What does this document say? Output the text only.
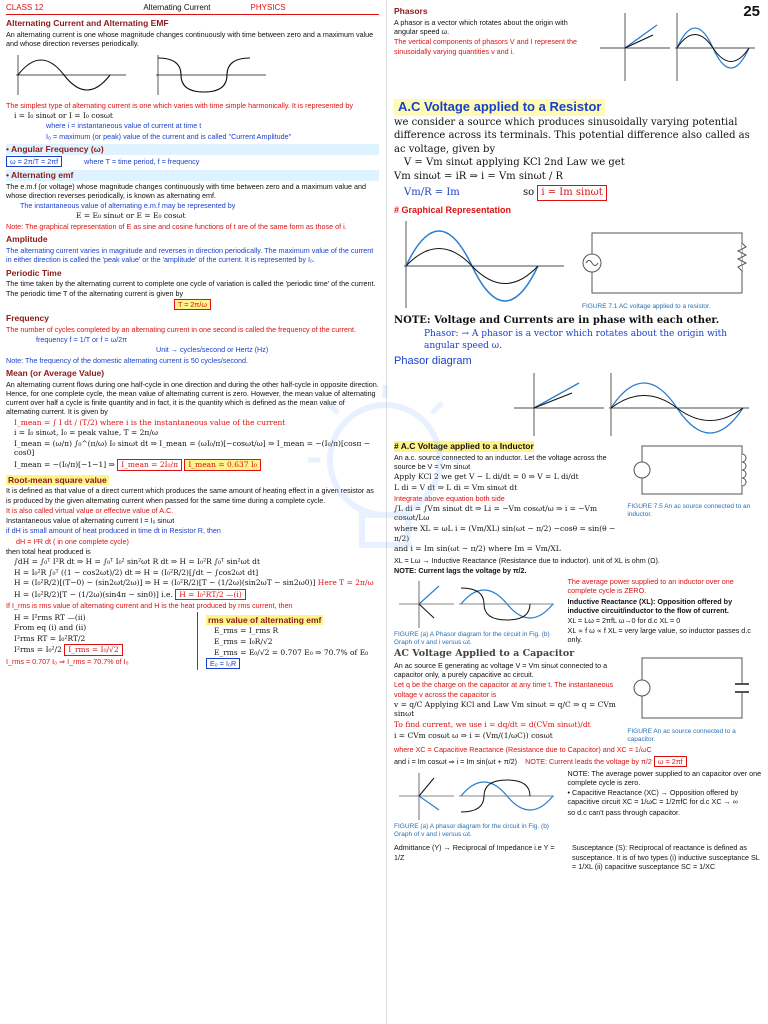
CLASS 12	Alternating Current	PHYSICS
Alternating Current and Alternating EMF
An alternating current is one whose magnitude changes continuously with time between zero and a maximum value and whose direction reverses periodically.
The simplest type of alternating current is one which varies with time simple harmonically. It is represented by
i = I₀ sinωt or I = I₀ cosωt
where i = instantaneous value of current at time t
I₀ = maximum (or peak) value of the current and is called "Current Amplitude"
• Angular Frequency (ω)
ω = 2π/T = 2πf	where T = time period, f = frequency
• Alternating emf
The e.m.f (or voltage) whose magnitude changes continuously with time between zero and a maximum value and whose direction reverses periodically, is known as alternating emf.
The instantaneous value of alternating e.m.f may be represented by
E = E₀ sinωt or E = E₀ cosωt
Note: The graphical representation of E as sine and cosine functions of t are of the same form as those of i.
Amplitude
The alternating current varies in magnitude and reverses in direction periodically. The maximum value of the current in either direction is called the 'peak value' or the 'amplitude' of the current. It is represented by I₀.
Periodic Time
The time taken by the alternating current to complete one cycle of variation is called the 'periodic time' of the current. The periodic time T of the alternating current is given by
T = 2π/ω
Frequency
The number of cycles completed by an alternating current in one second is called the frequency of the current.
frequency f = 1/T or f = ω/2π
Unit → cycles/second or Hertz (Hz)
Note: The frequency of the domestic alternating current is 50 cycles/second.
Mean (or Average Value)
An alternating current flows during one half-cycle in one direction and during the other half-cycle in opposite direction. Hence, for one complete cycle, the mean value of alternating current is zero. However, the mean value of alternating current over half a cycle is finite quantity and in fact, it is the quantity which is defined as the mean value of alternating current. It is given by
I_mean = ∫ I dt / (T/2) where i is the instantaneous value of the current
i = I₀ sinωt, I₀ = peak value, T = 2π/ω
I_mean = (ω/π) ∫₀^(π/ω) I₀ sinωt dt ⇒ I_mean = (ωI₀/π)[−cosωt/ω] ⇒ I_mean = −(I₀/π)[cosπ − cos0]
I_mean = −(I₀/π)[−1−1] ⇒ I_mean = 2I₀/π I_mean = 0.637 I₀
Root-mean square value
It is defined as that value of a direct current which produces the same amount of heating effect in a given resistor as is produced by the given alternating current when passed for the same time during a complete cycle.
It is also called virtual value or effective value of A.C.
Instantaneous value of alternating current I = I₀ sinωt
if dH is small amount of heat produced in time dt in Resistor R, then
dH = I²R dt ( in one complete cycle)
then total heat produced is
∫dH = ∫₀ᵀ I²R dt ⇒ H = ∫₀ᵀ I₀² sin²ωt R dt ⇒ H = I₀²R ∫₀ᵀ sin²ωt dt
H = I₀²R ∫₀ᵀ ((1 − cos2ωt)/2) dt ⇒ H = (I₀²R/2)[∫dt − ∫cos2ωt dt]
H = (I₀²R/2)[(T−0) − (sin2ωt/2ω)] ⇒ H = (I₀²R/2)[T − (1/2ω)(sin2ωT − sin2ω0)] Here T = 2π/ω
H = (I₀²R/2)[T − (1/2ω)(sin4π − sin0)] i.e. H = I₀²RT/2 —(i)
If I_rms is rms value of alternating current and H is the heat produced by rms current, then
H = I²rms RT —(ii)
From eq (i) and (ii)
I²rms RT = I₀²RT/2
I²rms = I₀²/2 I_rms = I₀/√2
I_rms = 0.707 I₀ ⇒ I_rms = 70.7% of I₀
rms value of alternating emf
E_rms = I_rms R
E_rms = I₀R/√2
E_rms = E₀/√2 = 0.707 E₀ ⇒ 70.7% of E₀
E₀ = I₀R
25
Phasors
A phasor is a vector which rotates about the origin with angular speed ω.
The vertical components of phasors V and I represent the sinusoidally varying quantities v and i.
A.C Voltage applied to a Resistor
we consider a source which produces sinusoidally varying potential difference across its terminals. This potential difference also called as ac voltage, given by
V = Vm sinωt applying KCl 2nd Law we get
Vm sinωt = iR ⇒ i = Vm sinωt / R
Vm/R = Im	so i = Im sinωt
# Graphical Representation
FIGURE 7.1 AC voltage applied to a resistor.
NOTE: Voltage and Currents are in phase with each other.
Phasor: → A phasor is a vector which rotates about the origin with angular speed ω.
Phasor diagram
# A.C Voltage applied to a Inductor
An a.c. source connected to an inductor. Let the voltage across the source be V = Vm sinωt
Apply KCl 2 we get V − L di/dt = 0 ⇒ V = L di/dt
L di = V dt ⇒ L di = Vm sinωt dt
Integrate above equation both side
∫L di = ∫Vm sinωt dt ⇒ Li = −Vm cosωt/ω ⇒ i = −Vm cosωt/Lω
where XL = ωL i = (Vm/XL) sin(ωt − π/2) −cosθ = sin(θ − π/2)
and i = Im sin(ωt − π/2) where Im = Vm/XL
FIGURE 7.5 An ac source connected to an inductor.
XL = Lω → Inductive Reactance (Resistance due to inductor). unit of XL is ohm (Ω).
NOTE: Current lags the voltage by π/2.
FIGURE (a) A Phasor diagram for the circuit in Fig. (b) Graph of v and i versus ωt.
The average power supplied to an inductor over one complete cycle is ZERO.
Inductive Reactance (XL): Opposition offered by inductive circuit/inductor to the flow of current.
XL = Lω = 2πfL ω→0 for d.c XL = 0
XL ∝ f ω ∝ f XL = very large value, so inductor passes d.c only.
AC Voltage Applied to a Capacitor
An ac source E generating ac voltage V = Vm sinωt connected to a capacitor only, a purely capacitive ac circuit.
Let q be the charge on the capacitor at any time t. The instantaneous voltage v across the capacitor is
v = q/C Applying KCl and Law Vm sinωt = q/C ⇒ q = CVm sinωt
To find current, we use i = dq/dt = d(CVm sinωt)/dt
i = CVm cosωt ω ⇒ i = (Vm/(1/ωC)) cosωt	FIGURE An ac source connected to a capacitor.
where XC = Capacitive Reactance (Resistance due to Capacitor) and XC = 1/ωC
and i = Im cosωt ⇒ i = Im sin(ωt + π/2) NOTE: Current leads the voltage by π/2 ω = 2πf
FIGURE (a) A phasor diagram for the circuit in Fig. (b) Graph of v and i versus ωt.
NOTE: The average power supplied to an capacitor over one complete cycle is zero.
• Capacitive Reactance (XC) → Opposition offered by capacitive circuit XC = 1/ωC = 1/2πfC for d.c XC → ∞
so d.c can't pass through capacitor.
Admittance (Y) → Reciprocal of Impedance i.e Y = 1/Z
Susceptance (S): Reciprocal of reactance is defined as susceptance. It is of two types (i) inductive susceptance SL = 1/XL (ii) capacitive susceptance SC = 1/XC
